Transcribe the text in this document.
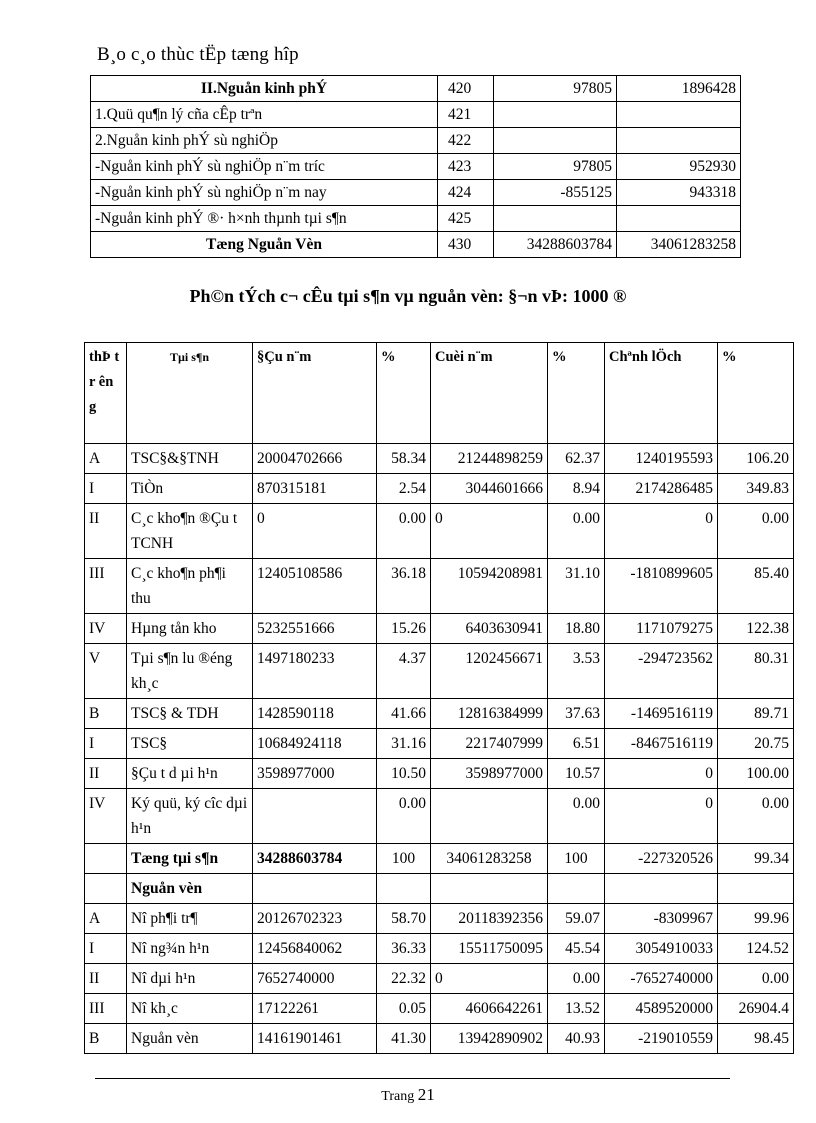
B¸o c¸o thùc tËp tæng hîp
II.Nguån kinh phÝ	420	97805	1896428
1.Quü qu¶n lý cña cÊp trªn	421		
2.Nguån kinh phÝ sù nghiÖp	422		
-Nguån kinh phÝ sù nghiÖp n¨m tríc	423	97805	952930
-Nguån kinh phÝ sù nghiÖp n¨m nay	424	-855125	943318
-Nguån kinh phÝ ®· h×nh thµnh tµi s¶n	425		
Tæng Nguån Vèn	430	34288603784	34061283258
Ph©n tÝch c¬ cÊu tµi s¶n vµ nguån vèn: §¬n vÞ: 1000 ®
thÞ tr ên g	Tµi s¶n	§Çu n¨m	%	Cuèi n¨m	%	Chªnh lÖch	%
A	TSC§&§TNH	20004702666	58.34	21244898259	62.37	1240195593	106.20
I	TiÒn	870315181	2.54	3044601666	8.94	2174286485	349.83
II	C¸c kho¶n ®Çu t TCNH	0	0.00	0	0.00	0	0.00
III	C¸c kho¶n ph¶i thu	12405108586	36.18	10594208981	31.10	-1810899605	85.40
IV	Hµng tån kho	5232551666	15.26	6403630941	18.80	1171079275	122.38
V	Tµi s¶n lu ®éng kh¸c	1497180233	4.37	1202456671	3.53	-294723562	80.31
B	TSC§ & TDH	1428590118	41.66	12816384999	37.63	-1469516119	89.71
I	TSC§	10684924118	31.16	2217407999	6.51	-8467516119	20.75
II	§Çu t d µi h¹n	3598977000	10.50	3598977000	10.57	0	100.00
IV	Ký quü, ký cîc dµi h¹n		0.00		0.00	0	0.00
	Tæng tµi s¶n	34288603784	100	34061283258	100	-227320526	99.34
	Nguån vèn						
A	Nî ph¶i tr¶	20126702323	58.70	20118392356	59.07	-8309967	99.96
I	Nî ng¾n h¹n	12456840062	36.33	15511750095	45.54	3054910033	124.52
II	Nî dµi h¹n	7652740000	22.32	0	0.00	-7652740000	0.00
III	Nî kh¸c	17122261	0.05	4606642261	13.52	4589520000	26904.4
B	Nguån vèn	14161901461	41.30	13942890902	40.93	-219010559	98.45
Trang 21
